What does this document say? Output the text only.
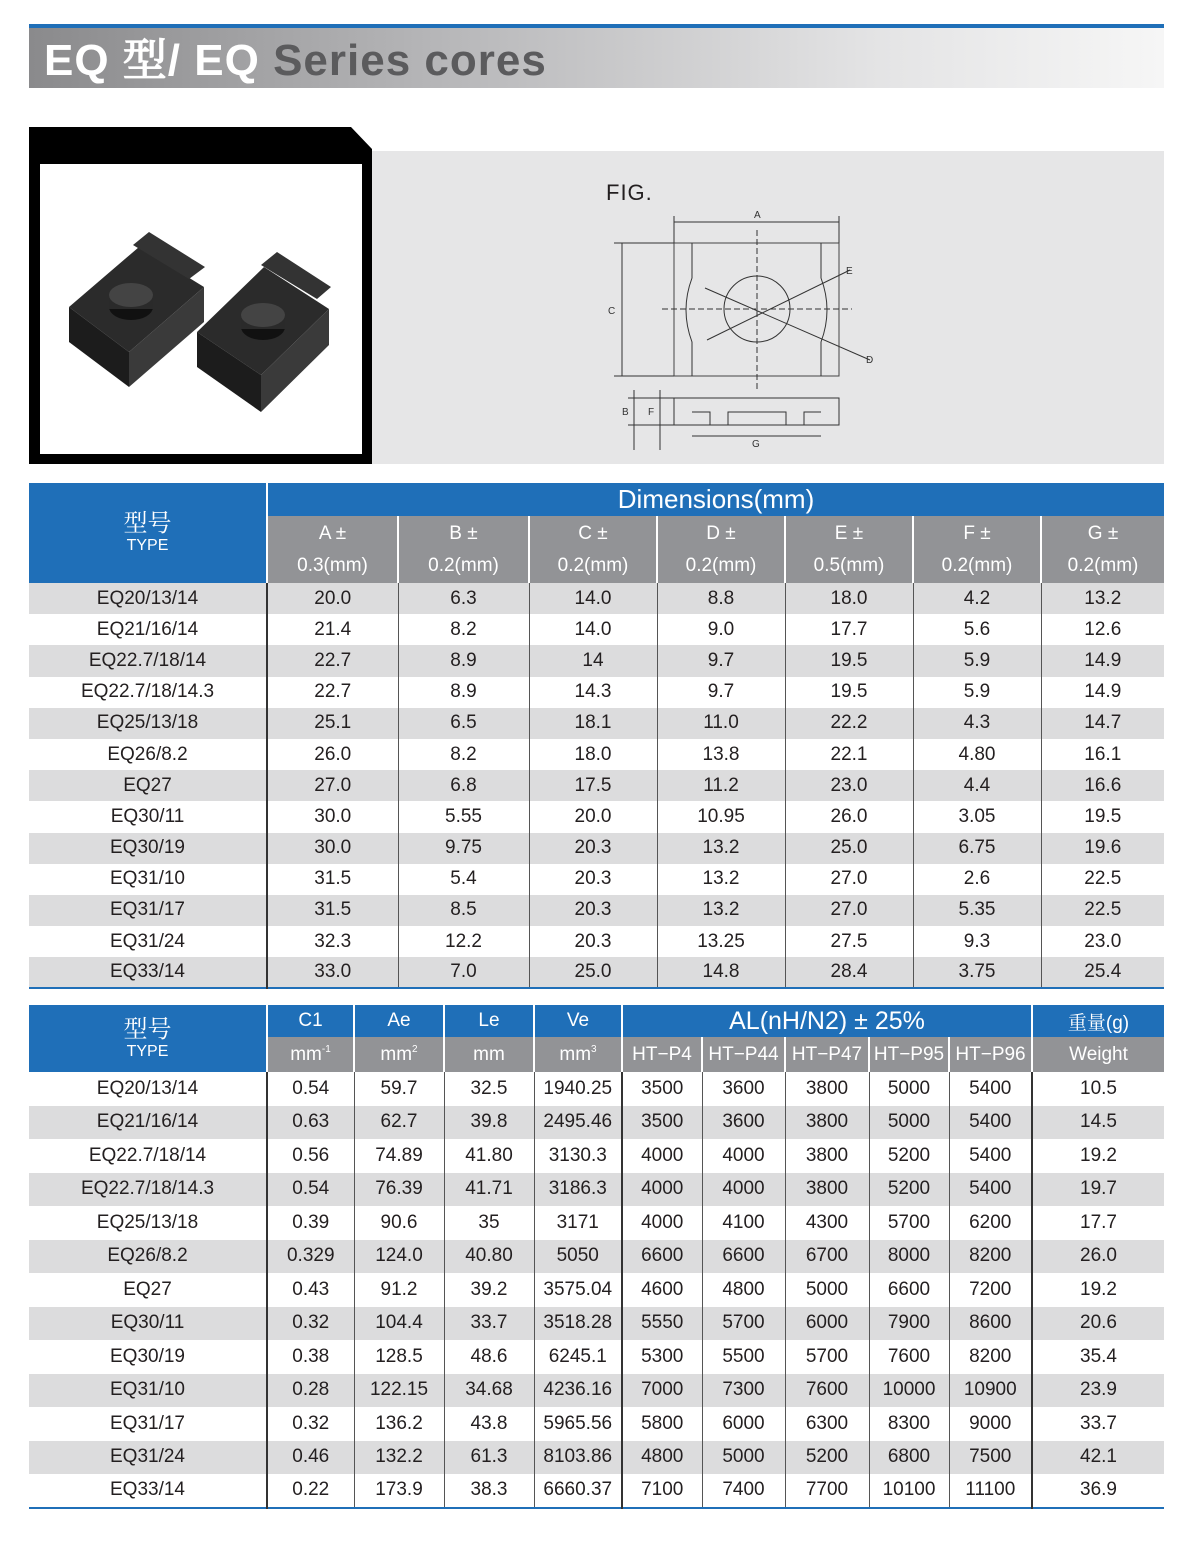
EQ 型/ EQ Series cores
FIG.
A
C
E
D
B F
G
型号
TYPE	Dimensions(mm)						
	A ±	B ±	C ±	D ±	E ±	F ±	G ±
	0.3(mm)	0.2(mm)	0.2(mm)	0.2(mm)	0.5(mm)	0.2(mm)	0.2(mm)
EQ20/13/14	20.0	6.3	14.0	8.8	18.0	4.2	13.2
EQ21/16/14	21.4	8.2	14.0	9.0	17.7	5.6	12.6
EQ22.7/18/14	22.7	8.9	14	9.7	19.5	5.9	14.9
EQ22.7/18/14.3	22.7	8.9	14.3	9.7	19.5	5.9	14.9
EQ25/13/18	25.1	6.5	18.1	11.0	22.2	4.3	14.7
EQ26/8.2	26.0	8.2	18.0	13.8	22.1	4.80	16.1
EQ27	27.0	6.8	17.5	11.2	23.0	4.4	16.6
EQ30/11	30.0	5.55	20.0	10.95	26.0	3.05	19.5
EQ30/19	30.0	9.75	20.3	13.2	25.0	6.75	19.6
EQ31/10	31.5	5.4	20.3	13.2	27.0	2.6	22.5
EQ31/17	31.5	8.5	20.3	13.2	27.0	5.35	22.5
EQ31/24	32.3	12.2	20.3	13.25	27.5	9.3	23.0
EQ33/14	33.0	7.0	25.0	14.8	28.4	3.75	25.4
型号
TYPE	C1	Ae	Le	Ve	AL(nH/N2) ± 25%					重量(g)
	$mm^{-1}$	$mm^2$	mm	$mm^3$	HT−P4	HT−P44	HT−P47	HT−P95	HT−P96	Weight
EQ20/13/14	0.54	59.7	32.5	1940.25	3500	3600	3800	5000	5400	10.5
EQ21/16/14	0.63	62.7	39.8	2495.46	3500	3600	3800	5000	5400	14.5
EQ22.7/18/14	0.56	74.89	41.80	3130.3	4000	4000	3800	5200	5400	19.2
EQ22.7/18/14.3	0.54	76.39	41.71	3186.3	4000	4000	3800	5200	5400	19.7
EQ25/13/18	0.39	90.6	35	3171	4000	4100	4300	5700	6200	17.7
EQ26/8.2	0.329	124.0	40.80	5050	6600	6600	6700	8000	8200	26.0
EQ27	0.43	91.2	39.2	3575.04	4600	4800	5000	6600	7200	19.2
EQ30/11	0.32	104.4	33.7	3518.28	5550	5700	6000	7900	8600	20.6
EQ30/19	0.38	128.5	48.6	6245.1	5300	5500	5700	7600	8200	35.4
EQ31/10	0.28	122.15	34.68	4236.16	7000	7300	7600	10000	10900	23.9
EQ31/17	0.32	136.2	43.8	5965.56	5800	6000	6300	8300	9000	33.7
EQ31/24	0.46	132.2	61.3	8103.86	4800	5000	5200	6800	7500	42.1
EQ33/14	0.22	173.9	38.3	6660.37	7100	7400	7700	10100	11100	36.9
